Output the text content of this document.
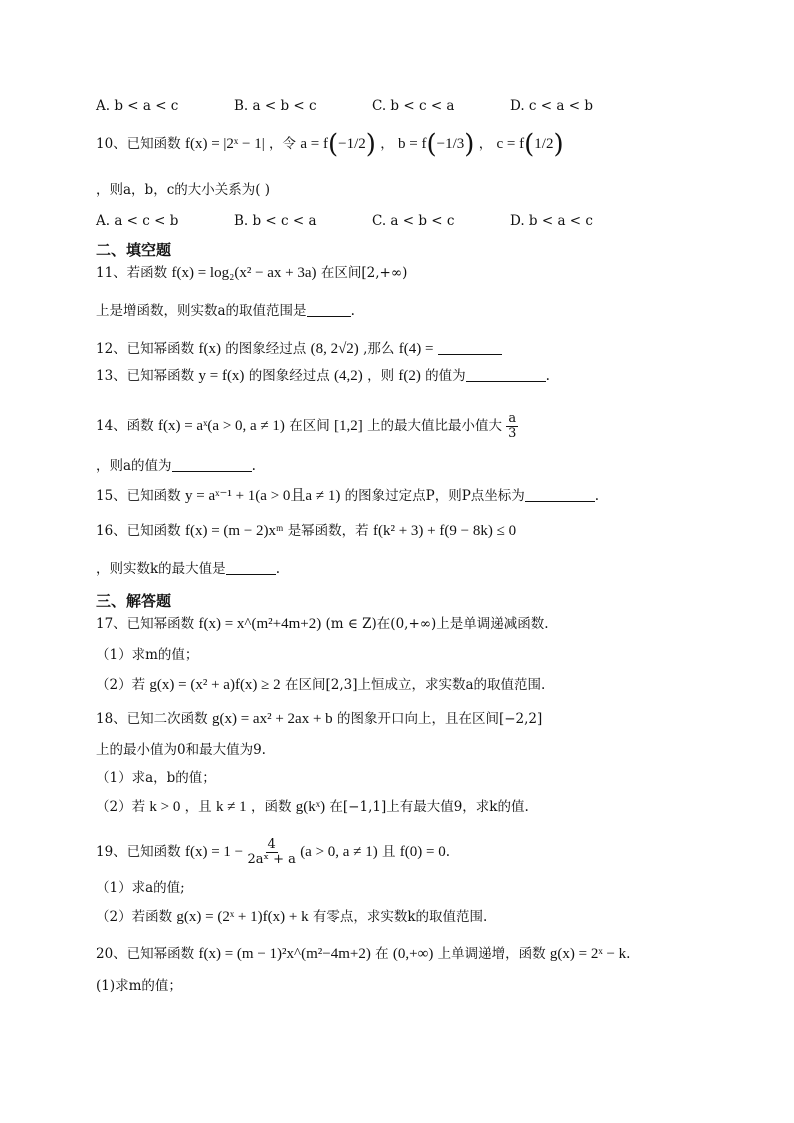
A. b < a < c	B. a < b < c	C. b < c < a	D. c < a < b
10、已知函数 f(x) = |2ˣ − 1| ，令 a = f(−1/2) ， b = f(−1/3) ， c = f(1/2)
，则a，b，c的大小关系为( )
A. a < c < b	B. b < c < a	C. a < b < c	D. b < a < c
二、填空题
11、若函数 f(x) = log₂(x² − ax + 3a) 在区间[2,+∞)
上是增函数，则实数a的取值范围是	.
12、已知幂函数 f(x) 的图象经过点 (8, 2√2) ,那么 f(4) =
13、已知幂函数 y = f(x) 的图象经过点 (4,2) ，则 f(2) 的值为	.
14、函数 f(x) = aˣ(a > 0, a ≠ 1) 在区间 [1,2] 上的最大值比最小值大 $\frac{a}{3}$
，则a的值为	.
15、已知函数 y = aˣ⁻¹ + 1(a > 0且a ≠ 1) 的图象过定点P，则P点坐标为	.
16、已知函数 f(x) = (m − 2)xᵐ 是幂函数，若 f(k² + 3) + f(9 − 8k) ≤ 0
，则实数k的最大值是	.
三、解答题
17、已知幂函数 f(x) = x^(m²+4m+2) (m ∈ Z)在(0,+∞)上是单调递减函数.
（1）求m的值；
（2）若 g(x) = (x² + a)f(x) ≥ 2 在区间[2,3]上恒成立，求实数a的取值范围.
18、已知二次函数 g(x) = ax² + 2ax + b 的图象开口向上，且在区间[−2,2]
上的最小值为0和最大值为9.
（1）求a，b的值；
（2）若 k > 0 ，且 k ≠ 1 ，函数 g(kˣ) 在[−1,1]上有最大值9，求k的值.
19、已知函数 $f(x) = 1 - \frac{4}{\text{2aˣ + a}} (a > 0$, a ≠ 1) 且 f(0) = 0.
（1）求a的值;
（2）若函数 g(x) = (2ˣ + 1)f(x) + k 有零点，求实数k的取值范围.
20、已知幂函数 f(x) = (m − 1)²x^(m²−4m+2) 在 (0,+∞) 上单调递增，函数 g(x) = 2ˣ − k.
(1)求m的值；
